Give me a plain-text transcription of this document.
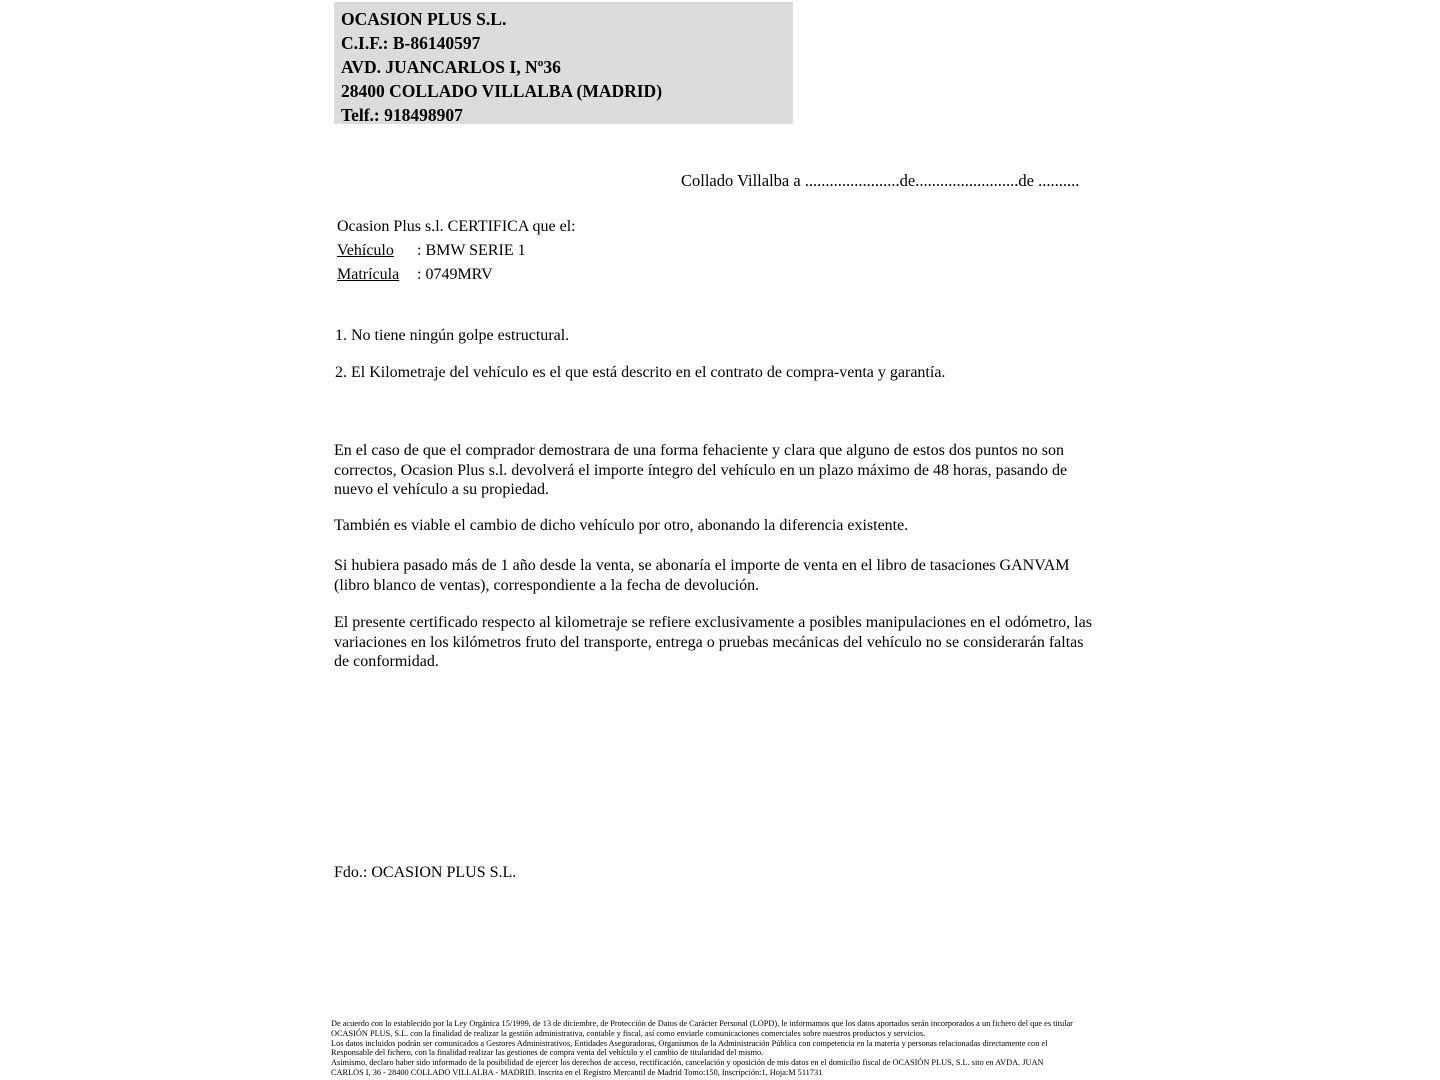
OCASION PLUS S.L.
C.I.F.: B-86140597
AVD. JUANCARLOS I, Nº36
28400 COLLADO VILLALBA (MADRID)
Telf.: 918498907
Collado Villalba a .......................de.........................de ..........
Ocasion Plus s.l. CERTIFICA que el:
Vehículo : BMW SERIE 1
Matrícula : 0749MRV
1. No tiene ningún golpe estructural.
2. El Kilometraje del vehículo es el que está descrito en el contrato de compra-venta y garantía.
En el caso de que el comprador demostrara de una forma fehaciente y clara que alguno de estos dos puntos no son correctos, Ocasion Plus s.l. devolverá el importe íntegro del vehículo en un plazo máximo de 48 horas, pasando de nuevo el vehículo a su propiedad.
También es viable el cambio de dicho vehículo por otro, abonando la diferencia existente.
Si hubiera pasado más de 1 año desde la venta, se abonaría el importe de venta en el libro de tasaciones GANVAM (libro blanco de ventas), correspondiente a la fecha de devolución.
El presente certificado respecto al kilometraje se refiere exclusivamente a posibles manipulaciones en el odómetro, las variaciones en los kilómetros fruto del transporte, entrega o pruebas mecánicas del vehículo no se considerarán faltas de conformidad.
Fdo.: OCASION PLUS S.L.
De acuerdo con lo establecido por la Ley Orgánica 15/1999, de 13 de diciembre, de Protección de Datos de Carácter Personal (LOPD), le informamos que los datos aportados serán incorporados a un fichero del que es titular
OCASIÓN PLUS, S.L. con la finalidad de realizar la gestión administrativa, contable y fiscal, así como enviarle comunicaciones comerciales sobre nuestros productos y servicios.
Los datos incluidos podrán ser comunicados a Gestores Administrativos, Entidades Aseguradoras, Organismos de la Administración Pública con competencia en la materia y personas relacionadas directamente con el
Responsable del fichero, con la finalidad realizar las gestiones de compra venta del vehículo y el cambio de titularidad del mismo.
Asimismo, declaro haber sido informado de la posibilidad de ejercer los derechos de acceso, rectificación, cancelación y oposición de mis datos en el domicilio fiscal de OCASIÓN PLUS, S.L. sito en AVDA. JUAN
CARLOS I, 36 - 28400 COLLADO VILLALBA - MADRID. Inscrita en el Registro Mercantil de Madrid Tomo:150, Inscripción:1, Hoja:M 511731
